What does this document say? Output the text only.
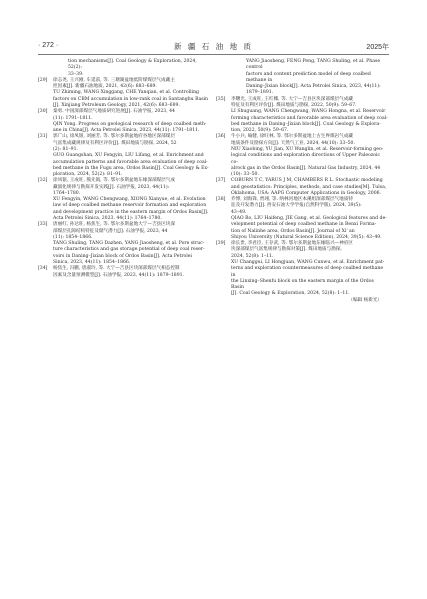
· 272 ·	新 疆 石 油 地 质	2025年
tion mechanisms[J]. Coal Geology & Exploration, 2024, 52(2):
33–39.
[29]	徐志尧, 王兴刚, 车延前, 等. 三塘湖盆地低阶煤煤层气成藏主
控因素[J]. 新疆石油地质, 2021, 42(6): 683–689.
TU Zhiming, WANG Xinggang, CHE Yanqian, et al. Controlling
factors on CBM accumulation in low-rank coal in Santanghu Basin
[J]. Xinjiang Petroleum Geology, 2021, 42(6): 683–689.
[30]	秦勇. 中国深部煤层气地质研究进展[J]. 石油学报, 2023, 44
(11): 1791–1811.
QIN Yong. Progress on geological research of deep coalbed meth-
ane in China[J]. Acta Petrolei Sinica, 2023, 44(11): 1791–1811.
[31]	郭广山, 徐凤银, 刘丽芳, 等. 鄂尔多斯盆地府谷地区深部煤层
气富集成藏规律及有利区评价[J]. 煤田地质与勘探, 2024, 52
(2): 81–91.
GUO Guangshan, XU Fengyin, LIU Lifang, et al. Enrichment and
accumulation patterns and favorable area evaluation of deep coal-
bed methane in the Fugu area, Ordos Basin[J]. Coal Geology & Ex-
ploration, 2024, 52(2): 81–91.
[32]	徐凤银, 王成旺, 熊先钺, 等. 鄂尔多斯盆地东缘深部煤层气成
藏演化规律与勘探开发实践[J]. 石油学报, 2023, 44(11):
1764–1780.
XU Fengyin, WANG Chengwang, XIONG Xianyue, et al. Evolution
law of deep coalbed methane reservoir formation and exploration
and development practice in the eastern margin of Ordos Basin[J].
Acta Petrolei Sinica, 2023, 44(11): 1764–1780.
[33]	唐丽红, 孙达旺, 杨焦生, 等. 鄂尔多斯盆地大宁—吉县区块深
部煤层孔隙结构特征及储气潜力[J]. 石油学报, 2023, 44
(11): 1854–1866.
TANG Shuling, TANG Dazhen, YANG Jiaosheng, et al. Pore struc-
ture characteristics and gas storage potential of deep coal reser-
voirs in Daning–Jixian block of Ordos Basin[J]. Acta Petrolei
Sinica, 2023, 44(11): 1854–1866.
[34]	杨焦生, 冯鹏, 唐淑玲, 等. 大宁—吉县区块深部煤层气相态控制
因素及含量预测模型[J]. 石油学报, 2023, 44(11): 1879–1891.
YANG Jiaosheng, FENG Peng, TANG Shuling, et al. Phase control
factors and content prediction model of deep coalbed methane in
Daning–Jixian block[J]. Acta Petrolei Sinica, 2023, 44(11):
1879–1891.
[35]	李曙光, 王成旺, 王红娜, 等. 大宁—吉县区块深部煤层气成藏
特征及有利区评价[J]. 煤田地质与勘探, 2022, 50(9): 59–67.
LI Shuguang, WANG Chengwang, WANG Hongna, et al. Reservoir
forming characteristics and favorable area evaluation of deep coal-
bed methane in Daning–Jixian block[J]. Coal Geology & Explora-
tion, 2022, 50(9): 59–67.
[36]	牛小兵, 喻健, 徐旺林, 等. 鄂尔多斯盆地上古生界煤岩气成藏
地质条件及勘探方向[J]. 天然气工业, 2024, 44(10): 33–50.
NIU Xiaobing, YU Jian, XU Wanglin, et al. Reservoir-forming geo-
logical conditions and exploration directions of Upper Paleozoic co-
alrock gas in the Ordos Basin[J]. Natural Gas Industry, 2024, 44
(10): 33–50.
[37]	COBURN T C, YARUS J M, CHAMBERS R L. Stochastic modeling
and geostatistics: Principles, methods, and case studies[M]. Tulsa,
Oklahoma, USA: AAPG Computer Applications in Geology, 2006.
[38]	乔博, 刘海锋, 贾翊, 等. 纳林河地区本溪组深部煤层气地质特
征及开发潜力[J]. 西安石油大学学报(自然科学版), 2024, 39(5):
43–49.
QIAO Bo, LIU Haifeng, JIE Gang, et al. Geological features and de-
velopment potential of deep coalbed methane in Benxi Forma-
tion of Nalinhe area, Ordos Basin[J]. Journal of Xi' an
Shiyou University (Natural Science Edition), 2024, 39(5): 43–49.
[39]	徐长贵, 李君臣, 王存武, 等. 鄂尔多斯盆地东缘临兴—神府区
块深部煤层气富集规律与勘探对策[J]. 煤田地质与勘探,
2024, 52(8): 1–11.
XU Changgui, LI Hongjuan, WANG Cunwu, et al. Enrichment pat-
terns and exploration countermeasures of deep coalbed methane in
the Linxing–Shenfu block on the eastern margin of the Ordos Basin
[J]. Coal Geology & Exploration, 2024, 52(8): 1–11.
（编辑 杨新光）
